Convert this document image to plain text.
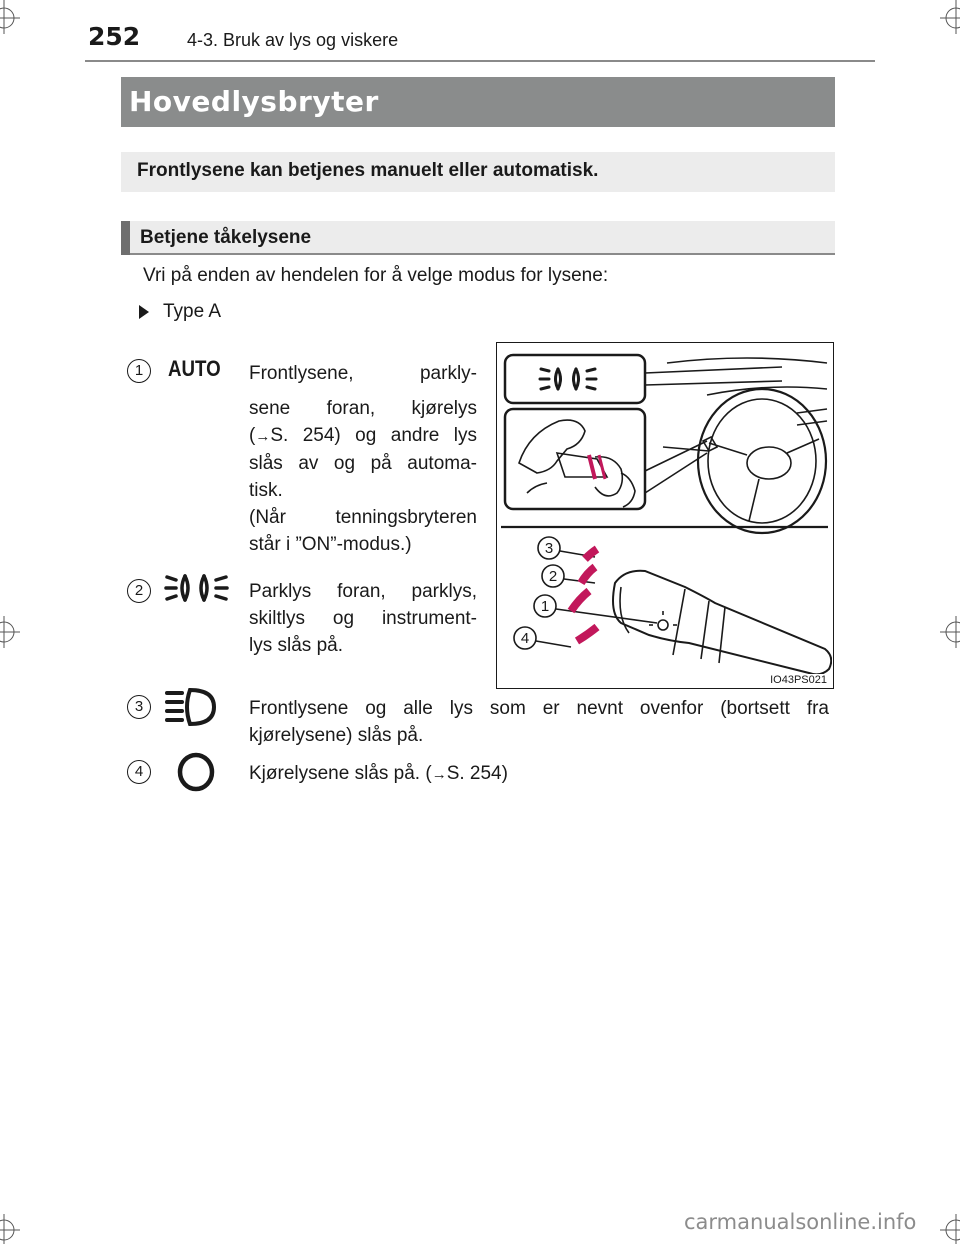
252	4-3. Bruk av lys og viskere
Hovedlysbryter
Frontlysene kan betjenes manuelt eller automatisk.
Betjene tåkelysene
Vri på enden av hendelen for å velge modus for lysene:
Type A
1	AUTO Frontlysene, parkly-
sene foran, kjørelys
(→S. 254) og andre lys
slås av og på automa-
tisk.
(Når tenningsbryteren
står i ”ON”-modus.)
2	Parklys foran, parklys,
skiltlys og instrument-
lys slås på.
3
2
1
4
IO43PS021
3	Frontlysene og alle lys som er nevnt ovenfor (bortsett fra
kjørelysene) slås på.
4	Kjørelysene slås på. (→S. 254)
carmanualsonline.info
